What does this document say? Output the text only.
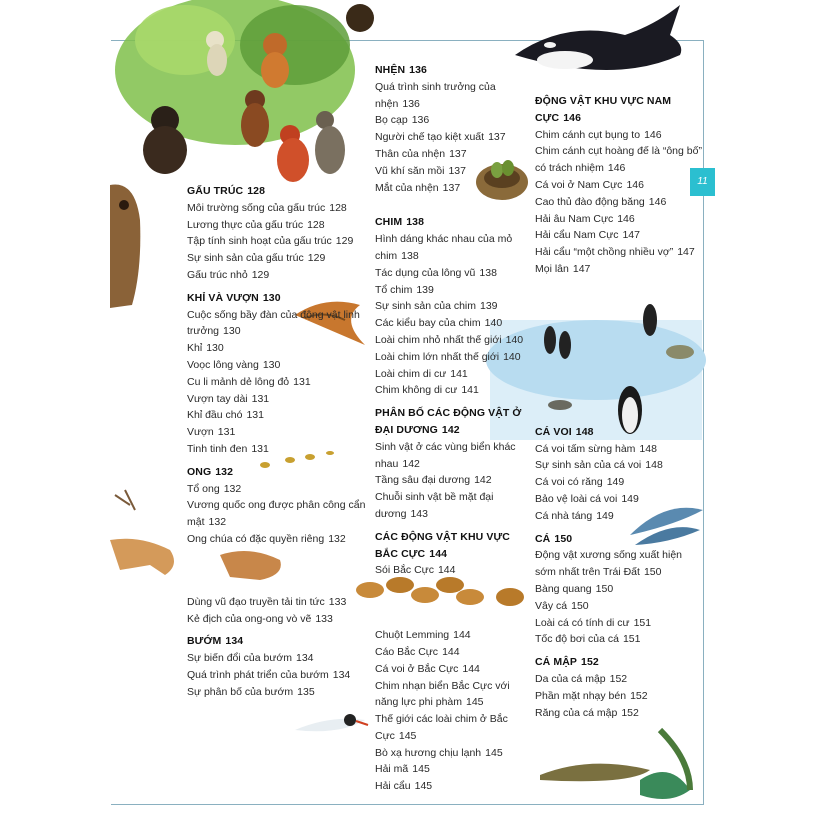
11
GẤU TRÚC 128
Môi trường sống của gấu trúc 128
Lương thực của gấu trúc 128
Tập tính sinh hoạt của gấu trúc 129
Sự sinh sản của gấu trúc 129
Gấu trúc nhỏ 129
KHỈ VÀ VƯỢN 130
Cuộc sống bầy đàn của động vật linh trưởng 130
Khỉ 130
Voọc lông vàng 130
Cu li mảnh dẻ lông đỏ 131
Vượn tay dài 131
Khỉ đầu chó 131
Vượn 131
Tinh tinh đen 131
ONG 132
Tổ ong 132
Vương quốc ong được phân công cẩn mật 132
Ong chúa có đặc quyền riêng 132
Dùng vũ đạo truyền tải tin tức 133
Kẻ địch của ong-ong vò vẽ 133
BƯỚM 134
Sự biến đổi của bướm 134
Quá trình phát triển của bướm 134
Sự phân bố của bướm 135
NHỆN 136
Quá trình sinh trưởng của nhện 136
Bọ cạp 136
Người chế tạo kiệt xuất 137
Thân của nhện 137
Vũ khí săn mồi 137
Mắt của nhện 137
CHIM 138
Hình dáng khác nhau của mỏ chim 138
Tác dụng của lông vũ 138
Tổ chim 139
Sự sinh sản của chim 139
Các kiểu bay của chim 140
Loài chim nhỏ nhất thế giới 140
Loài chim lớn nhất thế giới 140
Loài chim di cư 141
Chim không di cư 141
PHÂN BỐ CÁC ĐỘNG VẬT Ở ĐẠI DƯƠNG 142
Sinh vật ở các vùng biển khác nhau 142
Tầng sâu đại dương 142
Chuỗi sinh vật bề mặt đại dương 143
CÁC ĐỘNG VẬT KHU VỰC BẮC CỰC 144
Sói Bắc Cực 144
Chuột Lemming 144
Cáo Bắc Cực 144
Cá voi ở Bắc Cực 144
Chim nhạn biển Bắc Cực với năng lực phi phàm 145
Thế giới các loài chim ở Bắc Cực 145
Bò xạ hương chịu lạnh 145
Hải mã 145
Hải cẩu 145
ĐỘNG VẬT KHU VỰC NAM CỰC 146
Chim cánh cụt bụng to 146
Chim cánh cụt hoàng đế là “ông bố” có trách nhiệm 146
Cá voi ở Nam Cực 146
Cao thủ đào động băng 146
Hải âu Nam Cực 146
Hải cẩu Nam Cực 147
Hải cẩu “một chồng nhiều vợ” 147
Mọi lân 147
CÁ VOI 148
Cá voi tấm sừng hàm 148
Sự sinh sản của cá voi 148
Cá voi có răng 149
Bảo vệ loài cá voi 149
Cá nhà táng 149
CÁ 150
Động vật xương sống xuất hiện sớm nhất trên Trái Đất 150
Bàng quang 150
Vây cá 150
Loài cá có tính di cư 151
Tốc độ bơi của cá 151
CÁ MẬP 152
Da của cá mập 152
Phần mặt nhạy bén 152
Răng của cá mập 152
